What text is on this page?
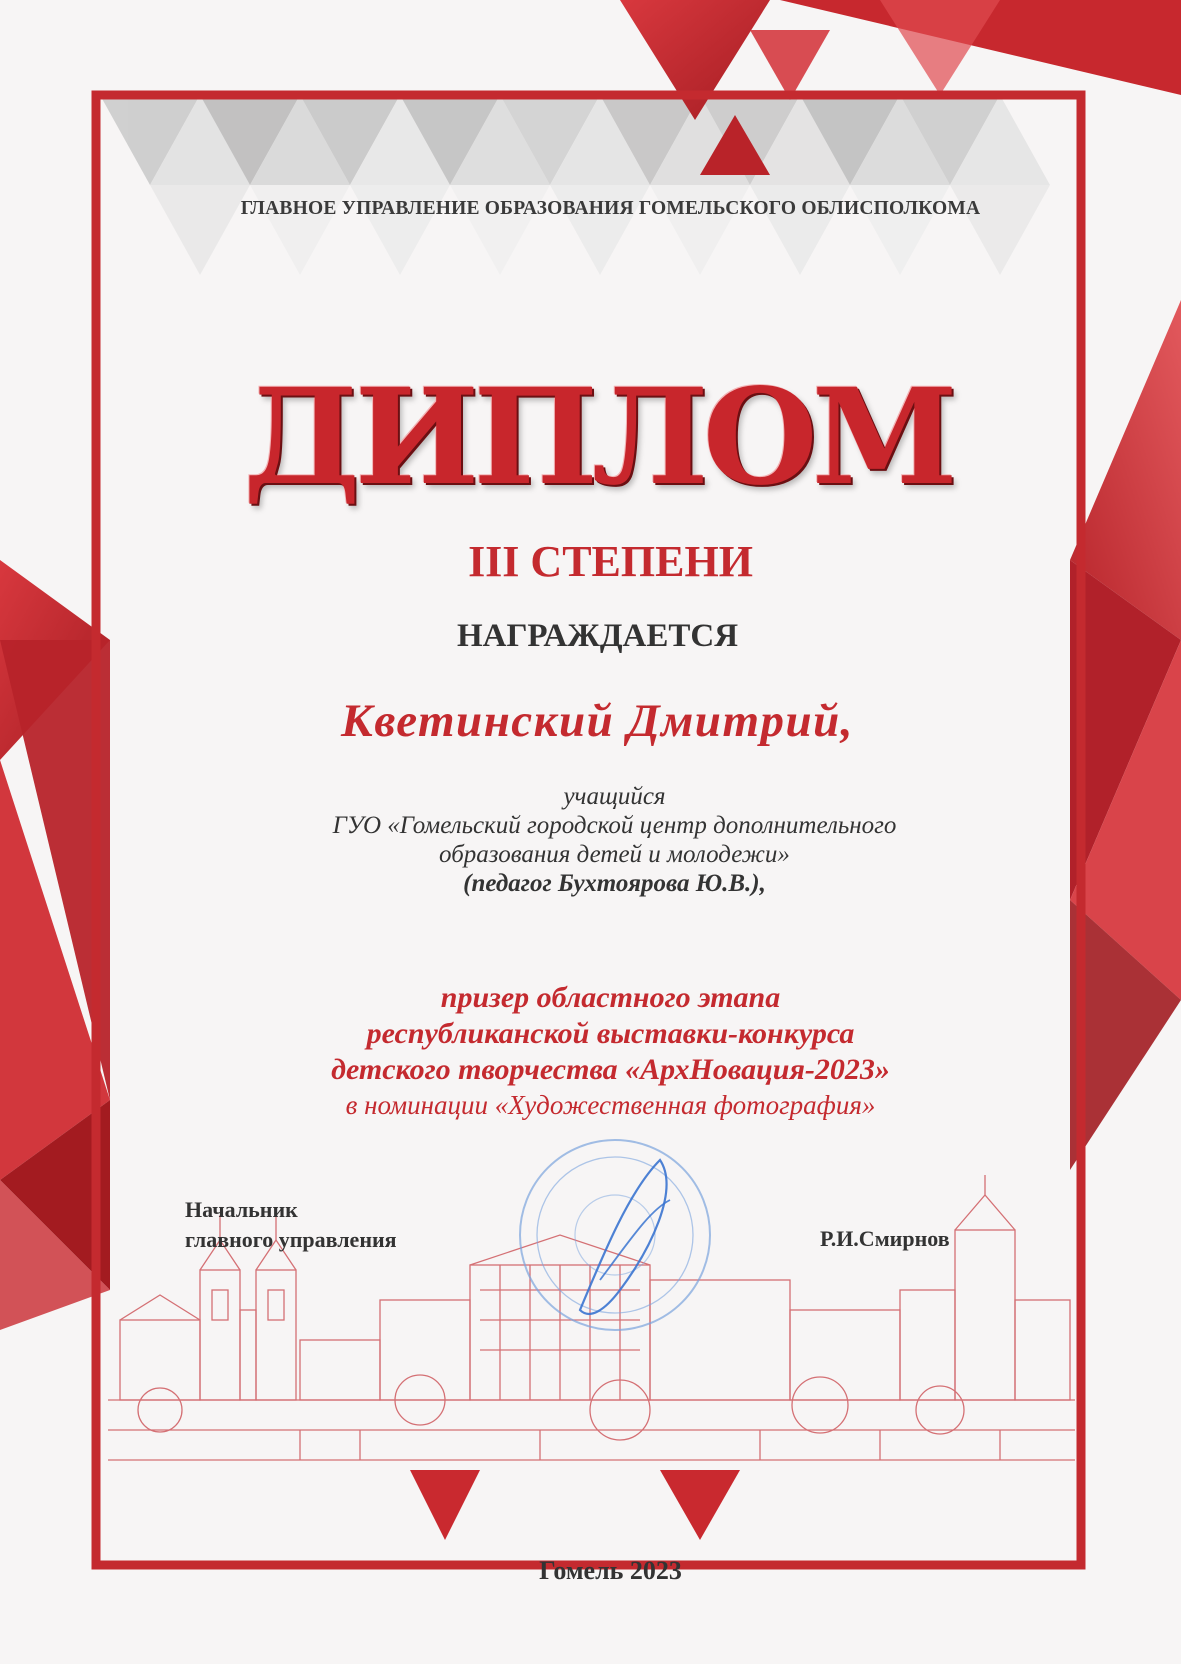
ГЛАВНОЕ УПРАВЛЕНИЕ ОБРАЗОВАНИЯ ГОМЕЛЬСКОГО ОБЛИСПОЛКОМА
ДИПЛОМ
III СТЕПЕНИ
НАГРАЖДАЕТСЯ
Кветинский Дмитрий,
учащийся
ГУО «Гомельский городской центр дополнительного
образования детей и молодежи»
(педагог Бухтоярова Ю.В.),
призер областного этапа
республиканской выставки-конкурса
детского творчества «АрхНовация-2023»
в номинации «Художественная фотография»
Начальник
главного управления	Р.И.Смирнов
Гомель 2023
